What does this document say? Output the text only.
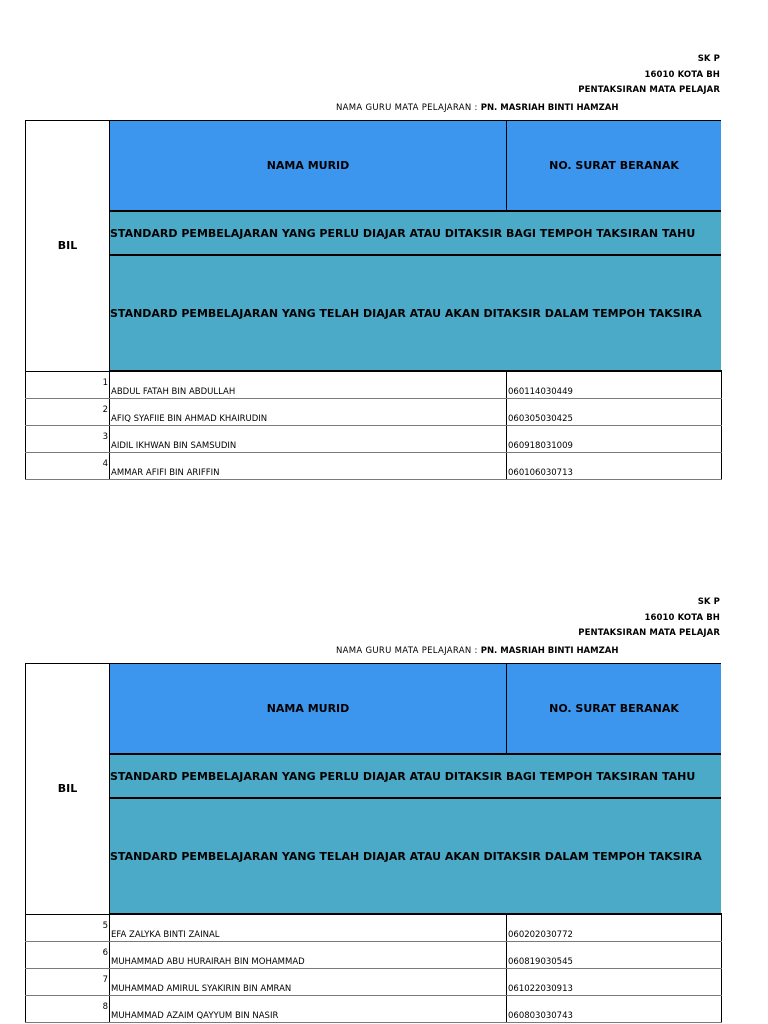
SK P
16010 KOTA BH
PENTAKSIRAN MATA PELAJAR
NAMA GURU MATA PELAJARAN : PN. MASRIAH BINTI HAMZAH
BIL	NAMA MURID	NO. SURAT BERANAK
	STANDARD PEMBELAJARAN YANG PERLU DIAJAR ATAU DITAKSIR BAGI TEMPOH TAKSIRAN TAHU	
	STANDARD PEMBELAJARAN YANG TELAH DIAJAR ATAU AKAN DITAKSIR DALAM TEMPOH TAKSIRA	
1	ABDUL FATAH BIN ABDULLAH	060114030449
2	AFIQ SYAFIIE BIN AHMAD KHAIRUDIN	060305030425
3	AIDIL IKHWAN BIN SAMSUDIN	060918031009
4	AMMAR AFIFI BIN ARIFFIN	060106030713
SK P
16010 KOTA BH
PENTAKSIRAN MATA PELAJAR
NAMA GURU MATA PELAJARAN : PN. MASRIAH BINTI HAMZAH
BIL	NAMA MURID	NO. SURAT BERANAK
	STANDARD PEMBELAJARAN YANG PERLU DIAJAR ATAU DITAKSIR BAGI TEMPOH TAKSIRAN TAHU	
	STANDARD PEMBELAJARAN YANG TELAH DIAJAR ATAU AKAN DITAKSIR DALAM TEMPOH TAKSIRA	
5	EFA ZALYKA BINTI ZAINAL	060202030772
6	MUHAMMAD ABU HURAIRAH BIN MOHAMMAD	060819030545
7	MUHAMMAD AMIRUL SYAKIRIN BIN AMRAN	061022030913
8	MUHAMMAD AZAIM QAYYUM BIN NASIR	060803030743
